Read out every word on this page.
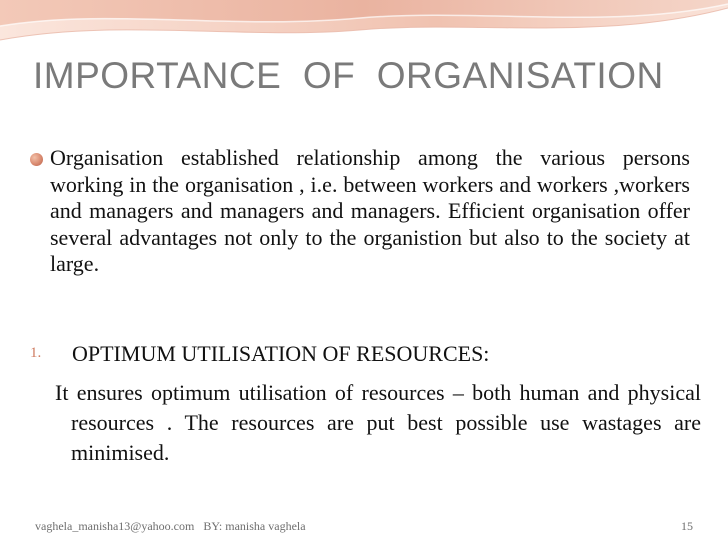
IMPORTANCE  OF  ORGANISATION

Organisation established relationship among the various persons working in the organisation , i.e. between workers and workers ,workers and managers and managers and managers. Efficient organisation offer several advantages not only to the organistion but also to the society at large.

1. OPTIMUM UTILISATION OF RESOURCES:

It ensures optimum utilisation of resources – both human and physical resources . The resources are put best possible use wastages are minimised.

vaghela_manisha13@yahoo.com BY: manisha vaghela	15
